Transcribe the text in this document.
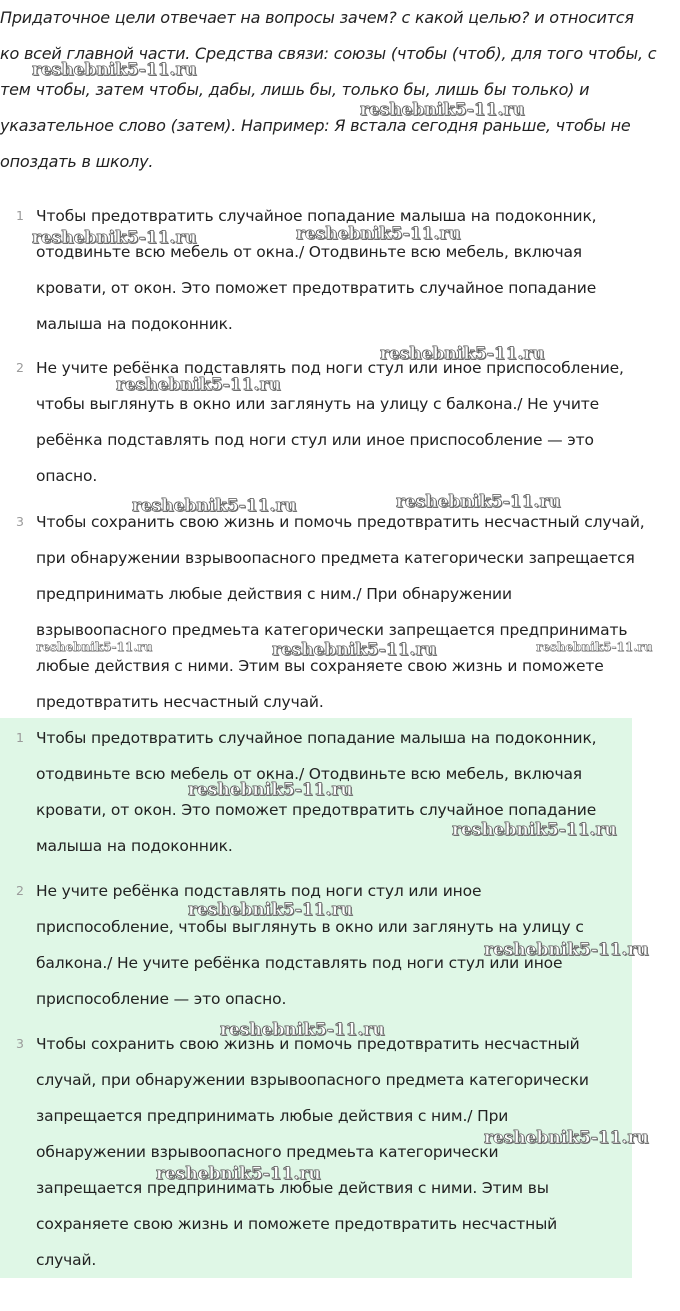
Придаточное цели отвечает на вопросы зачем? с какой целью? и относится
ко всей главной части. Средства связи: союзы (чтобы (чтоб), для того чтобы, с
тем чтобы, затем чтобы, дабы, лишь бы, только бы, лишь бы только) и
указательное слово (затем). Например: Я встала сегодня раньше, чтобы не
опоздать в школу.
1 Чтобы предотвратить случайное попадание малыша на подоконник,
отодвиньте всю мебель от окна./ Отодвиньте всю мебель, включая
кровати, от окон. Это поможет предотвратить случайное попадание
малыша на подоконник.
2 Не учите ребёнка подставлять под ноги стул или иное приспособление,
чтобы выглянуть в окно или заглянуть на улицу с балкона./ Не учите
ребёнка подставлять под ноги стул или иное приспособление — это
опасно.
3 Чтобы сохранить свою жизнь и помочь предотвратить несчастный случай,
при обнаружении взрывоопасного предмета категорически запрещается
предпринимать любые действия с ним./ При обнаружении
взрывоопасного предмеьта категорически запрещается предпринимать
любые действия с ними. Этим вы сохраняете свою жизнь и поможете
предотвратить несчастный случай.
1 Чтобы предотвратить случайное попадание малыша на подоконник,
отодвиньте всю мебель от окна./ Отодвиньте всю мебель, включая
кровати, от окон. Это поможет предотвратить случайное попадание
малыша на подоконник.
2 Не учите ребёнка подставлять под ноги стул или иное
приспособление, чтобы выглянуть в окно или заглянуть на улицу с
балкона./ Не учите ребёнка подставлять под ноги стул или иное
приспособление — это опасно.
3 Чтобы сохранить свою жизнь и помочь предотвратить несчастный
случай, при обнаружении взрывоопасного предмета категорически
запрещается предпринимать любые действия с ним./ При
обнаружении взрывоопасного предмеьта категорически
запрещается предпринимать любые действия с ними. Этим вы
сохраняете свою жизнь и поможете предотвратить несчастный
случай.
reshebnik5-11.ru
reshebnik5-11.ru
reshebnik5-11.ru	reshebnik5-11.ru
reshebnik5-11.ru
reshebnik5-11.ru
reshebnik5-11.ru	reshebnik5-11.ru
reshebnik5-11.ru	reshebnik5-11.ru	reshebnik5-11.ru
reshebnik5-11.ru
reshebnik5-11.ru
reshebnik5-11.ru
reshebnik5-11.ru
reshebnik5-11.ru
reshebnik5-11.ru
reshebnik5-11.ru
